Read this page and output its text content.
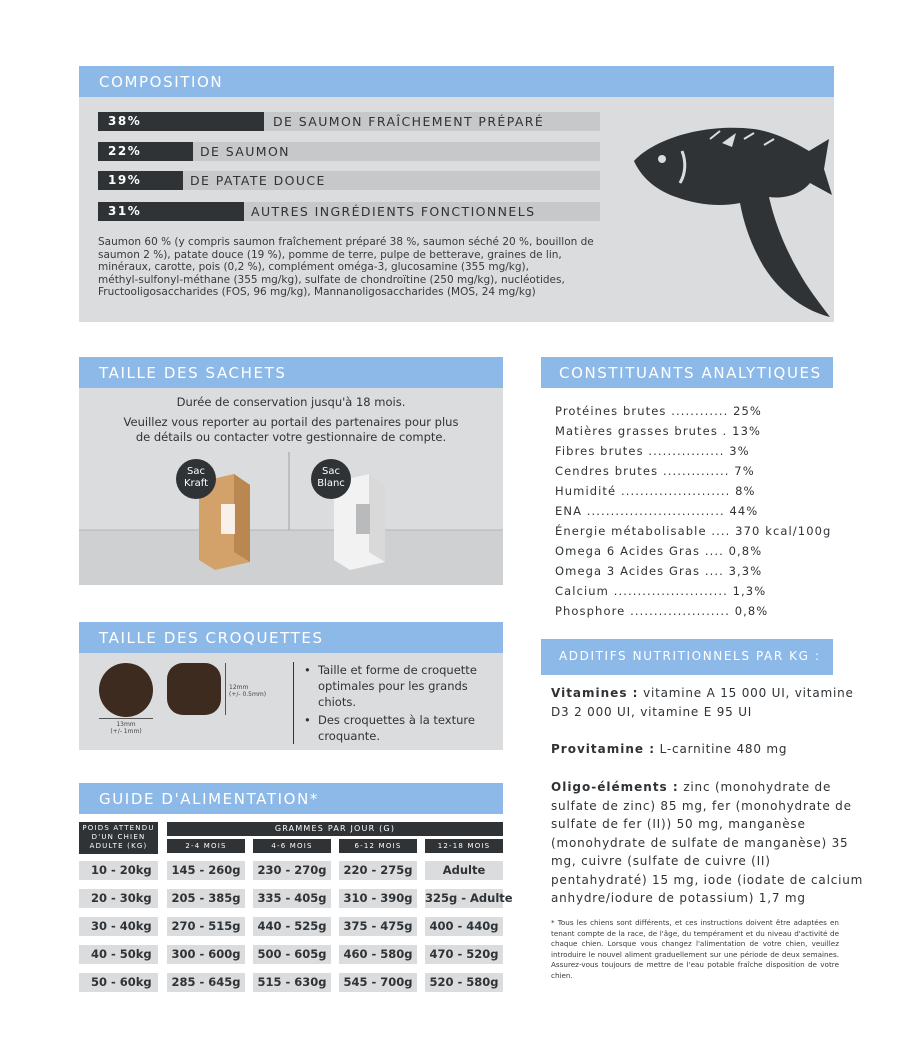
COMPOSITION
38%	DE SAUMON FRAÎCHEMENT PRÉPARÉ
22%	DE SAUMON
19%	DE PATATE DOUCE
31%	AUTRES INGRÉDIENTS FONCTIONNELS
Saumon 60 % (y compris saumon fraîchement préparé 38 %, saumon séché 20 %, bouillon de
saumon 2 %), patate douce (19 %), pomme de terre, pulpe de betterave, graines de lin,
minéraux, carotte, pois (0,2 %), complément oméga-3, glucosamine (355 mg/kg),
méthyl-sulfonyl-méthane (355 mg/kg), sulfate de chondroïtine (250 mg/kg), nucléotides,
Fructooligosaccharides (FOS, 96 mg/kg), Mannanoligosaccharides (MOS, 24 mg/kg)
TAILLE DES SACHETS
Durée de conservation jusqu'à 18 mois.
Veuillez vous reporter au portail des partenaires pour plus
de détails ou contacter votre gestionnaire de compte.
Sac
Kraft
Sac
Blanc
TAILLE DES CROQUETTES
13mm
(+/- 1mm)
12mm
(+/- 0.5mm)
• Taille et forme de croquette optimales pour les grands chiots.
• Des croquettes à la texture croquante.
GUIDE D'ALIMENTATION*
POIDS ATTENDU
D'UN CHIEN
ADULTE (KG)
GRAMMES PAR JOUR (G)
2-4 MOIS	4-6 MOIS	6-12 MOIS	12-18 MOIS
10 - 20kg	145 - 260g	230 - 270g	220 - 275g	Adulte
20 - 30kg	205 - 385g	335 - 405g	310 - 390g	325g - Adulte
30 - 40kg	270 - 515g	440 - 525g	375 - 475g	400 - 440g
40 - 50kg	300 - 600g	500 - 605g	460 - 580g	470 - 520g
50 - 60kg	285 - 645g	515 - 630g	545 - 700g	520 - 580g
CONSTITUANTS ANALYTIQUES
Protéines brutes ............ 25%
Matières grasses brutes . 13%
Fibres brutes ................ 3%
Cendres brutes .............. 7%
Humidité ....................... 8%
ENA ............................. 44%
Énergie métabolisable .... 370 kcal/100g
Omega 6 Acides Gras .... 0,8%
Omega 3 Acides Gras .... 3,3%
Calcium ........................ 1,3%
Phosphore ..................... 0,8%
ADDITIFS NUTRITIONNELS PAR KG :
Vitamines : vitamine A 15 000 UI, vitamine D3 2 000 UI, vitamine E 95 UI
Provitamine : L-carnitine 480 mg
Oligo-éléments : zinc (monohydrate de sulfate de zinc) 85 mg, fer (monohydrate de sulfate de fer (II)) 50 mg, manganèse (monohydrate de sulfate de manganèse) 35 mg, cuivre (sulfate de cuivre (II) pentahydraté) 15 mg, iode (iodate de calcium anhydre/iodure de potassium) 1,7 mg
* Tous les chiens sont différents, et ces instructions doivent être adaptées en tenant compte de la race, de l'âge, du tempérament et du niveau d'activité de chaque chien. Lorsque vous changez l'alimentation de votre chien, veuillez introduire le nouvel aliment graduellement sur une période de deux semaines. Assurez-vous toujours de mettre de l'eau potable fraîche disposition de votre chien.
